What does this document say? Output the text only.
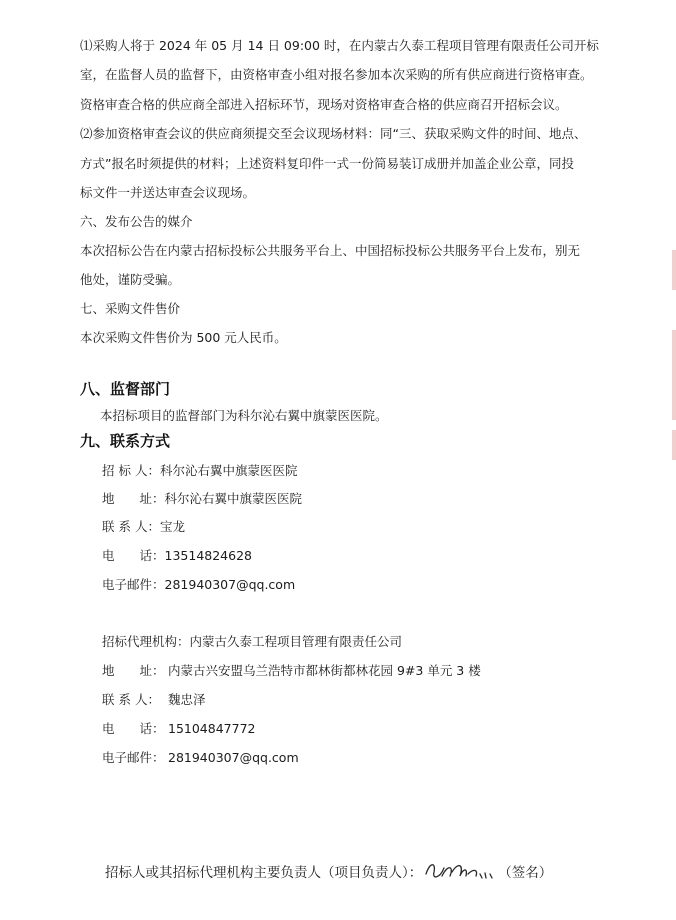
⑴采购人将于 2024 年 05 月 14 日 09:00 时，在内蒙古久泰工程项目管理有限责任公司开标
室，在监督人员的监督下，由资格审查小组对报名参加本次采购的所有供应商进行资格审查。
资格审查合格的供应商全部进入招标环节，现场对资格审查合格的供应商召开招标会议。
⑵参加资格审查会议的供应商须提交至会议现场材料：同“三、获取采购文件的时间、地点、
方式”报名时须提供的材料；上述资料复印件一式一份简易装订成册并加盖企业公章，同投
标文件一并送达审查会议现场。
六、发布公告的媒介
本次招标公告在内蒙古招标投标公共服务平台上、中国招标投标公共服务平台上发布，别无
他处，谨防受骗。
七、采购文件售价
本次采购文件售价为 500 元人民币。
八、监督部门
本招标项目的监督部门为科尔沁右翼中旗蒙医医院。
九、联系方式
招 标 人：科尔沁右翼中旗蒙医医院
地　　址：科尔沁右翼中旗蒙医医院
联 系 人：宝龙
电　　话：13514824628
电子邮件：281940307@qq.com
招标代理机构：内蒙古久泰工程项目管理有限责任公司
地　　址： 内蒙古兴安盟乌兰浩特市都林街都林花园 9#3 单元 3 楼
联 系 人： 魏忠泽
电　　话： 15104847772
电子邮件： 281940307@qq.com
招标人或其招标代理机构主要负责人（项目负责人）：	（签名）
